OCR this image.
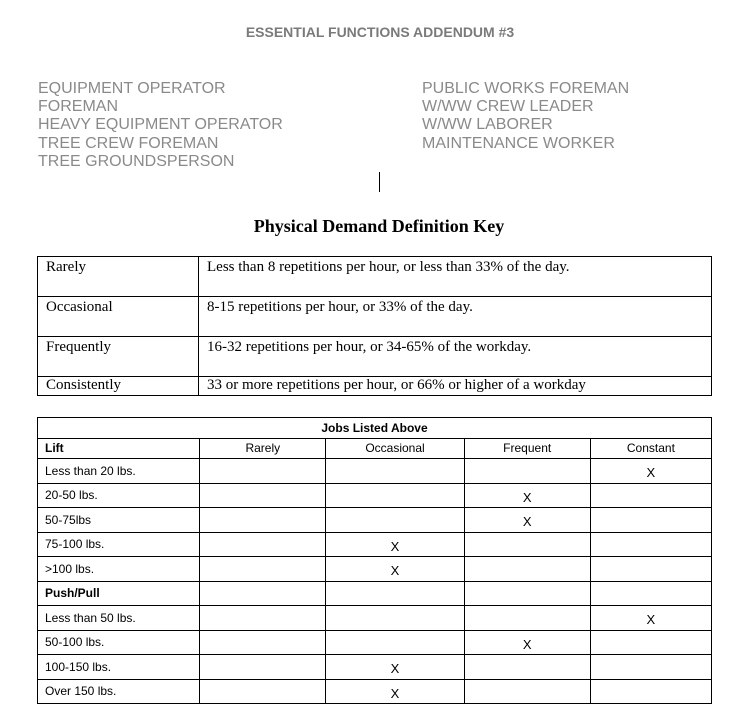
ESSENTIAL FUNCTIONS ADDENDUM #3
EQUIPMENT OPERATOR
FOREMAN
HEAVY EQUIPMENT OPERATOR
TREE CREW FOREMAN
TREE GROUNDSPERSON
PUBLIC WORKS FOREMAN
W/WW CREW LEADER
W/WW LABORER
MAINTENANCE WORKER
Physical Demand Definition Key
Rarely	Less than 8 repetitions per hour, or less than 33% of the day.
Occasional	8-15 repetitions per hour, or 33% of the day.
Frequently	16-32 repetitions per hour, or 34-65% of the workday.
Consistently	33 or more repetitions per hour, or 66% or higher of a workday
Jobs Listed Above				
Lift	Rarely	Occasional	Frequent	Constant
Less than 20 lbs.				X
20-50 lbs.			X	
50-75lbs			X	
75-100 lbs.		X		
>100 lbs.		X		
Push/Pull				
Less than 50 lbs.				X
50-100 lbs.			X	
100-150 lbs.		X		
Over 150 lbs.		X		
